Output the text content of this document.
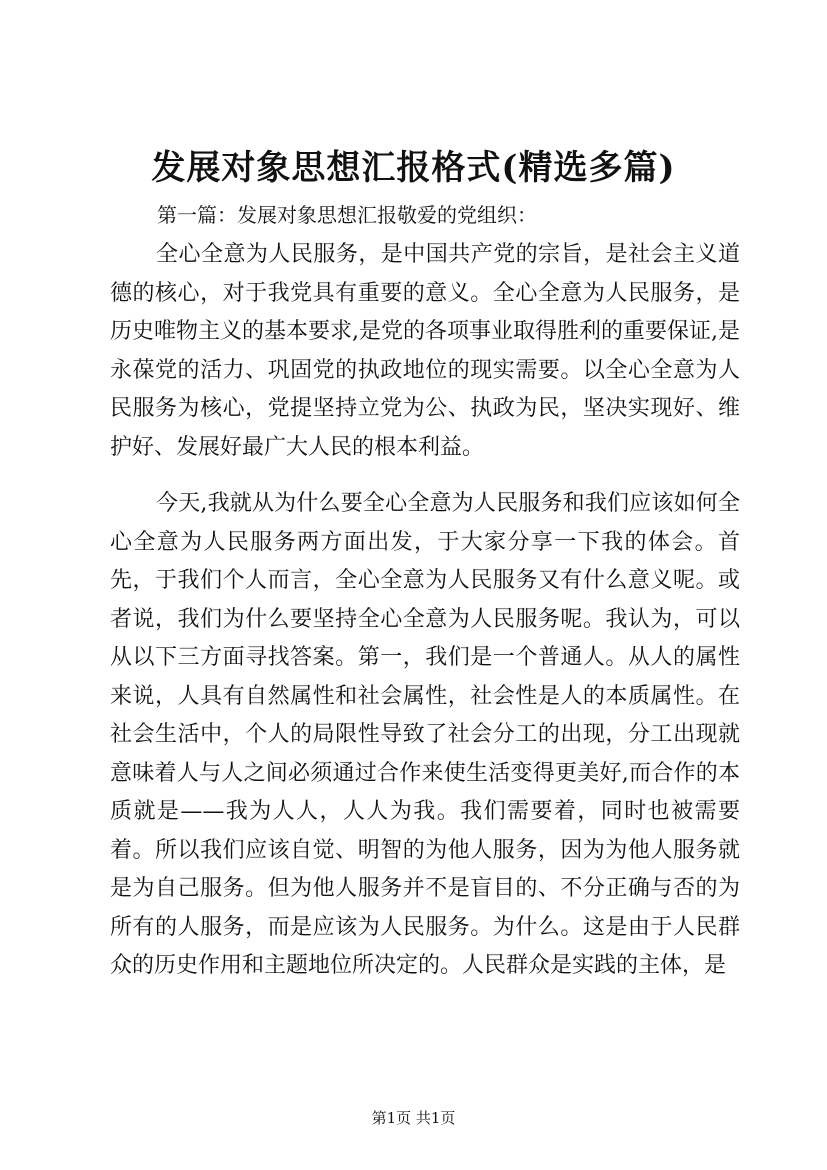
发展对象思想汇报格式(精选多篇)
第一篇：发展对象思想汇报敬爱的党组织：
全心全意为人民服务，是中国共产党的宗旨，是社会主义道德的核心，对于我党具有重要的意义。全心全意为人民服务，是历史唯物主义的基本要求,是党的各项事业取得胜利的重要保证,是永葆党的活力、巩固党的执政地位的现实需要。以全心全意为人民服务为核心，党提坚持立党为公、执政为民，坚决实现好、维护好、发展好最广大人民的根本利益。
今天,我就从为什么要全心全意为人民服务和我们应该如何全心全意为人民服务两方面出发，于大家分享一下我的体会。首先，于我们个人而言，全心全意为人民服务又有什么意义呢。或者说，我们为什么要坚持全心全意为人民服务呢。我认为，可以从以下三方面寻找答案。第一，我们是一个普通人。从人的属性来说，人具有自然属性和社会属性，社会性是人的本质属性。在社会生活中，个人的局限性导致了社会分工的出现，分工出现就意味着人与人之间必须通过合作来使生活变得更美好,而合作的本质就是——我为人人，人人为我。我们需要着，同时也被需要着。所以我们应该自觉、明智的为他人服务，因为为他人服务就是为自己服务。但为他人服务并不是盲目的、不分正确与否的为所有的人服务，而是应该为人民服务。为什么。这是由于人民群众的历史作用和主题地位所决定的。人民群众是实践的主体，是
第1页 共1页
